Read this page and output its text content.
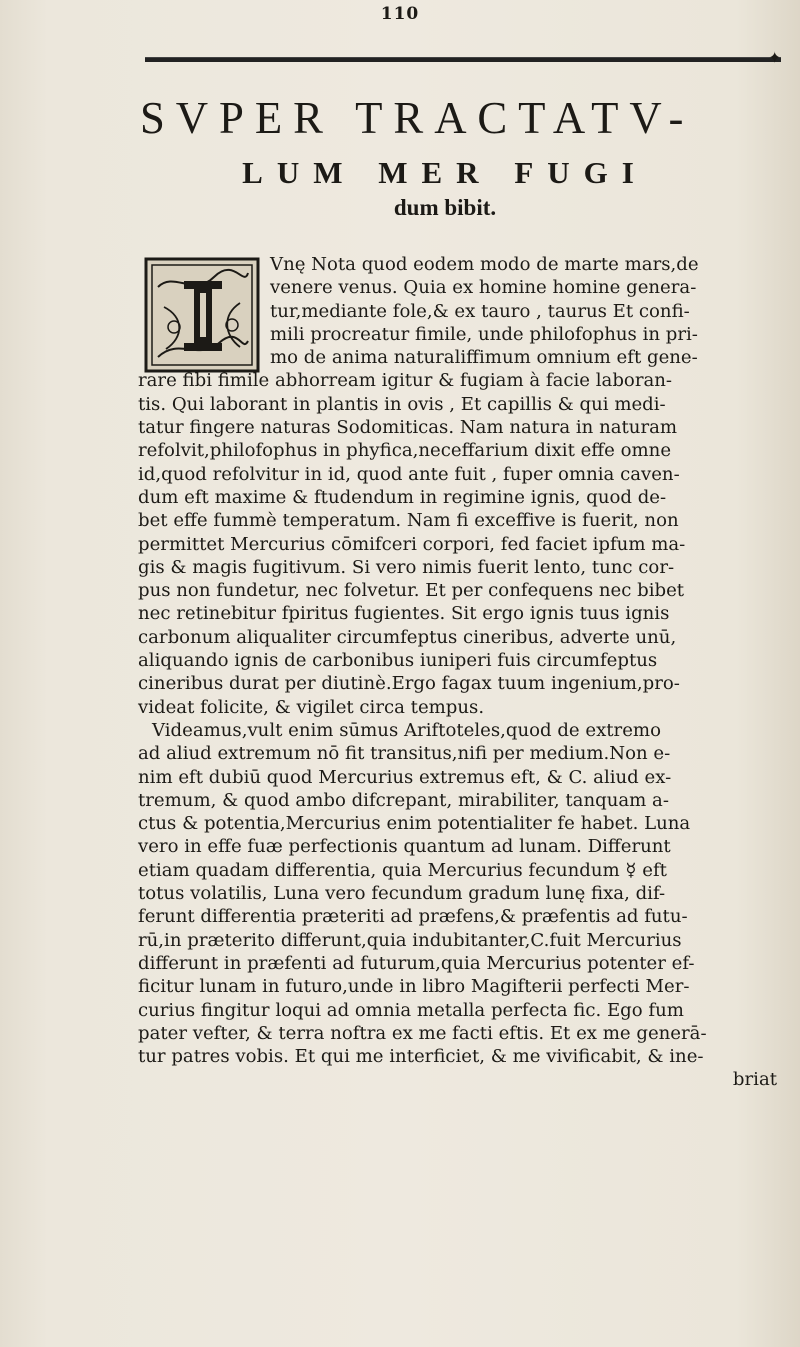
110
✦
SVPER TRACTATV-
LUM MER FUGI
dum bibit.
Vnę Nota quod eodem modo de marte mars,de
venere venus. Quia ex homine homine genera-
tur,mediante fole,& ex tauro , taurus Et confi-
mili procreatur fimile, unde philofophus in pri-
mo de anima naturaliffimum omnium eft gene-
rare fibi fimile abhorream igitur & fugiam à facie laboran-
tis. Qui laborant in plantis in ovis , Et capillis & qui medi-
tatur fingere naturas Sodomiticas. Nam natura in naturam
refolvit,philofophus in phyfica,neceffarium dixit effe omne
id,quod refolvitur in id, quod ante fuit , fuper omnia caven-
dum eft maxime & ftudendum in regimine ignis, quod de-
bet effe fummè temperatum. Nam fi exceffive is fuerit, non
permittet Mercurius cōmifceri corpori, fed faciet ipfum ma-
gis & magis fugitivum. Si vero nimis fuerit lento, tunc cor-
pus non fundetur, nec folvetur. Et per confequens nec bibet
nec retinebitur fpiritus fugientes. Sit ergo ignis tuus ignis
carbonum aliqualiter circumfeptus cineribus, adverte unū,
aliquando ignis de carbonibus iuniperi fuis circumfeptus
cineribus durat per diutinè.Ergo fagax tuum ingenium,pro-
videat folicite, & vigilet circa tempus.
Videamus,vult enim sūmus Ariftoteles,quod de extremo
ad aliud extremum nō fit transitus,nifi per medium.Non e-
nim eft dubiū quod Mercurius extremus eft, & C. aliud ex-
tremum, & quod ambo difcrepant, mirabiliter, tanquam a-
ctus & potentia,Mercurius enim potentialiter fe habet. Luna
vero in effe fuæ perfectionis quantum ad lunam. Differunt
etiam quadam differentia, quia Mercurius fecundum ☿ eft
totus volatilis, Luna vero fecundum gradum lunę fixa, dif-
ferunt differentia præteriti ad præfens,& præfentis ad futu-
rū,in præterito differunt,quia indubitanter,C.fuit Mercurius
differunt in præfenti ad futurum,quia Mercurius potenter ef-
ficitur lunam in futuro,unde in libro Magifterii perfecti Mer-
curius fingitur loqui ad omnia metalla perfecta fic. Ego fum
pater vefter, & terra noftra ex me facti eftis. Et ex me generā-
tur patres vobis. Et qui me interficiet, & me vivificabit, & ine-
briat
